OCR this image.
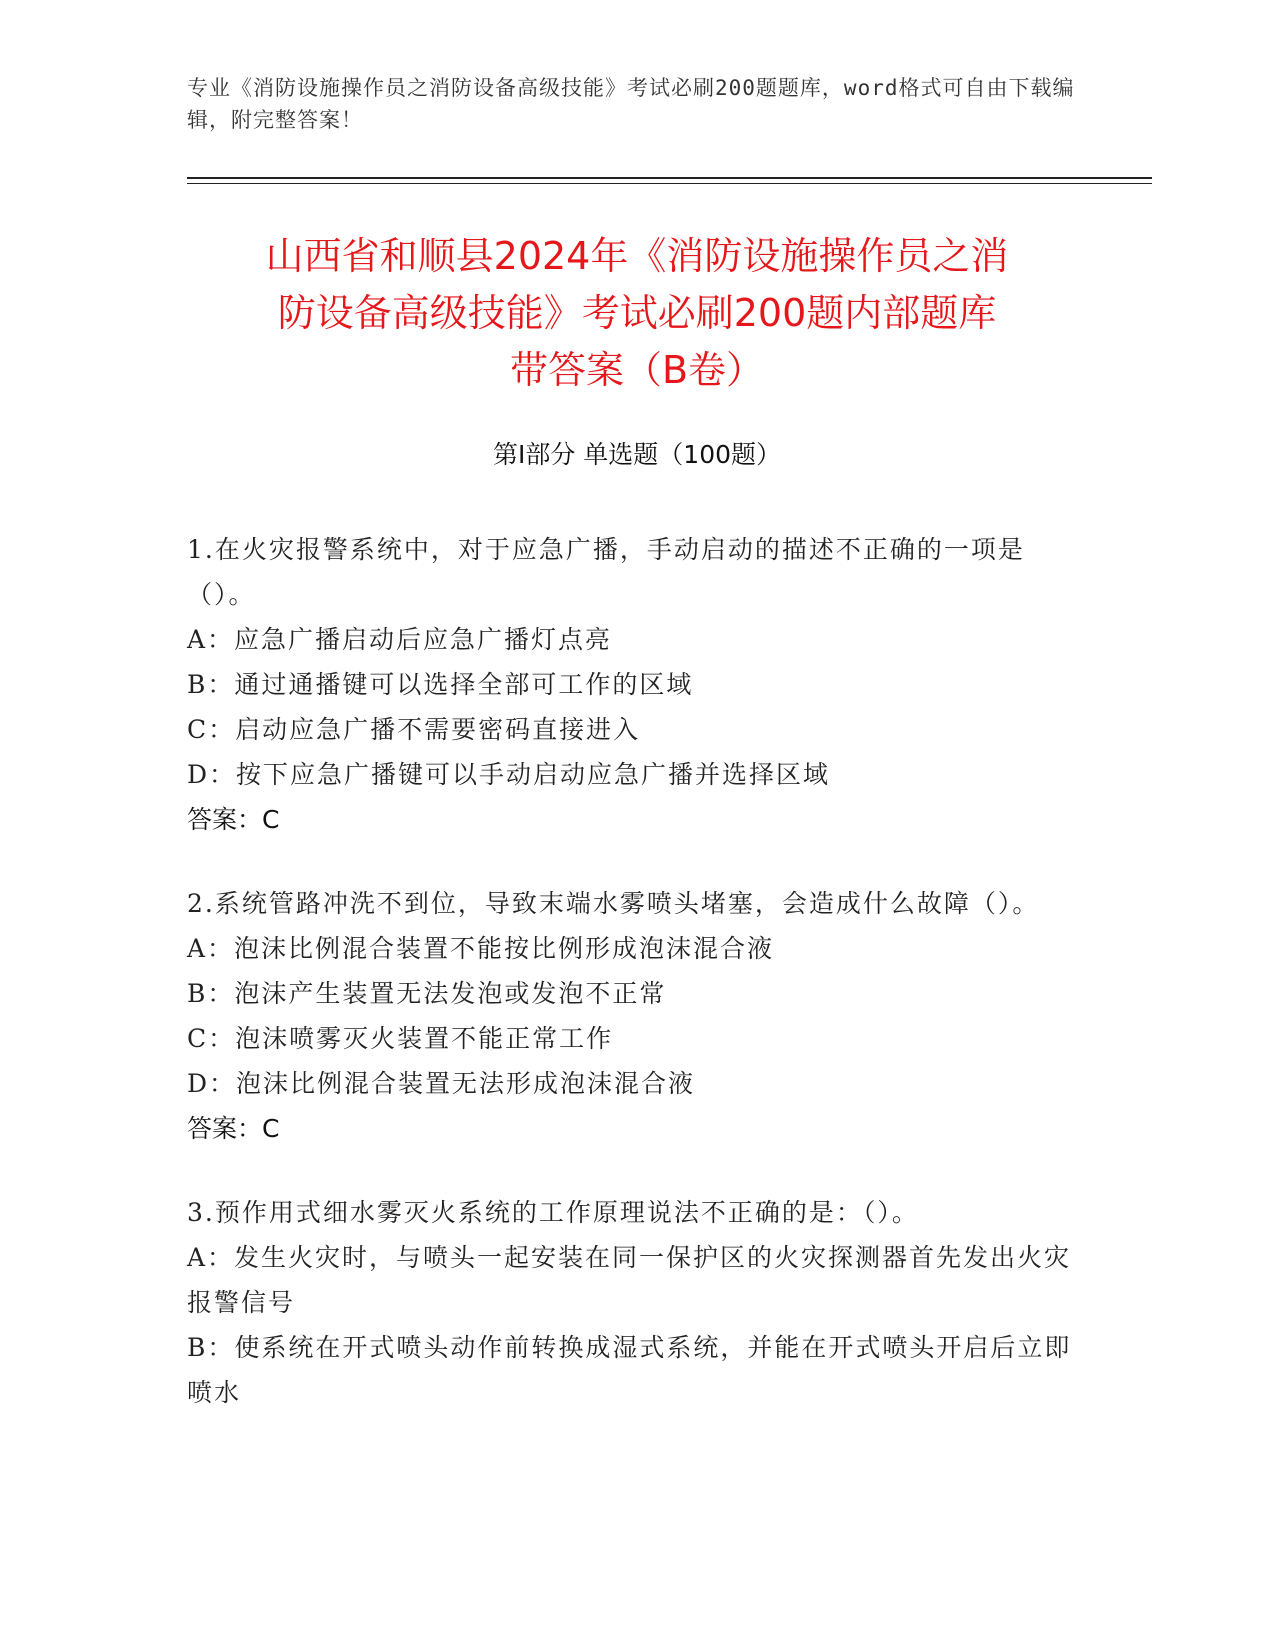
专业《消防设施操作员之消防设备高级技能》考试必刷200题题库，word格式可自由下载编辑，附完整答案！
山西省和顺县2024年《消防设施操作员之消
防设备高级技能》考试必刷200题内部题库
带答案（B卷）
第Ⅰ部分 单选题（100题）

1.在火灾报警系统中，对于应急广播，手动启动的描述不正确的一项是（）。

A：应急广播启动后应急广播灯点亮

B：通过通播键可以选择全部可工作的区域

C：启动应急广播不需要密码直接进入

D：按下应急广播键可以手动启动应急广播并选择区域

答案：C

2.系统管路冲洗不到位，导致末端水雾喷头堵塞，会造成什么故障（）。

A：泡沫比例混合装置不能按比例形成泡沫混合液

B：泡沫产生装置无法发泡或发泡不正常

C：泡沫喷雾灭火装置不能正常工作

D：泡沫比例混合装置无法形成泡沫混合液

答案：C

3.预作用式细水雾灭火系统的工作原理说法不正确的是：（）。

A：发生火灾时，与喷头一起安装在同一保护区的火灾探测器首先发出火灾报警信号

B：使系统在开式喷头动作前转换成湿式系统，并能在开式喷头开启后立即喷水
